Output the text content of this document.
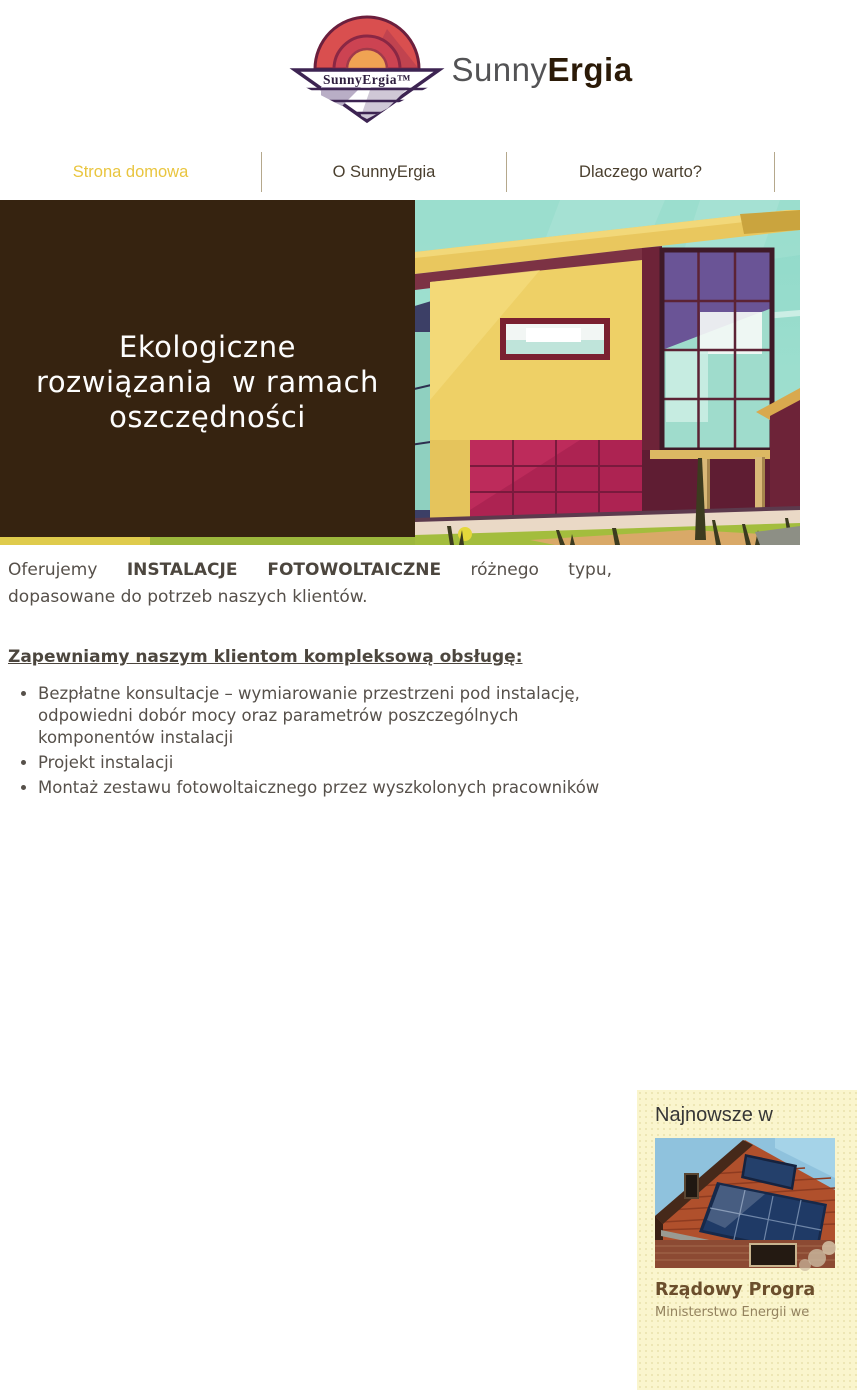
SunnyErgia™ SunnyErgia
Strona domowa	O SunnyErgia	Dlaczego warto?
Ekologiczne
rozwiązania  w ramach
oszczędności

Oferujemy INSTALACJE FOTOWOLTAICZNE różnego typu, dopasowane do potrzeb naszych klientów.

Zapewniamy naszym klientom kompleksową obsługę:
• Bezpłatne konsultacje – wymiarowanie przestrzeni pod instalację, odpowiedni dobór mocy oraz parametrów poszczególnych komponentów instalacji
• Projekt instalacji
• Montaż zestawu fotowoltaicznego przez wyszkolonych pracowników
Najnowsze w
Rządowy Progra
Ministerstwo Energii we
